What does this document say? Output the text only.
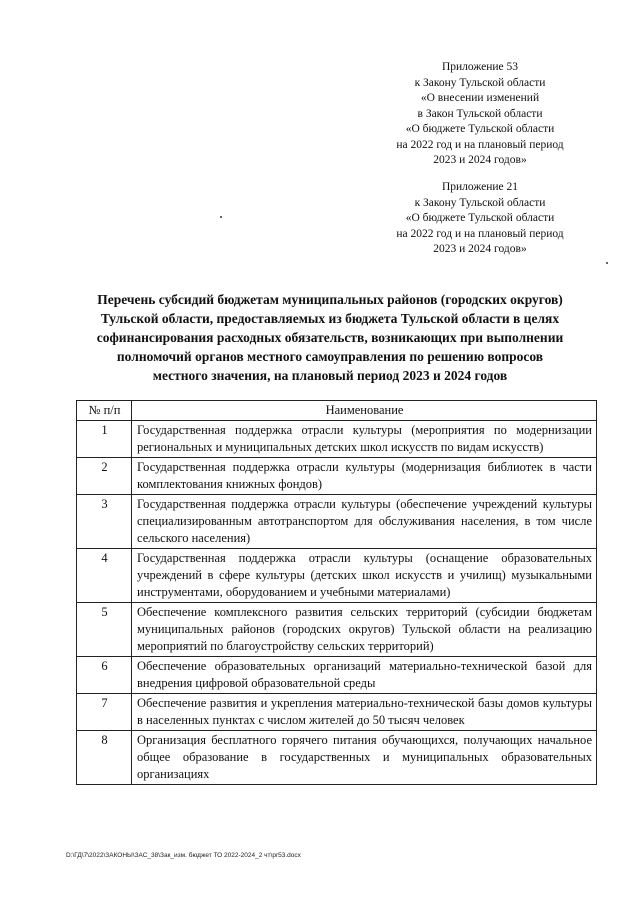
Приложение 53
к Закону Тульской области
«О внесении изменений
в Закон Тульской области
«О бюджете Тульской области
на 2022 год и на плановый период
2023 и 2024 годов»
Приложение 21
к Закону Тульской области
«О бюджете Тульской области
на 2022 год и на плановый период
2023 и 2024 годов»
Перечень субсидий бюджетам муниципальных районов (городских округов)
Тульской области, предоставляемых из бюджета Тульской области в целях
софинансирования расходных обязательств, возникающих при выполнении
полномочий органов местного самоуправления по решению вопросов
местного значения, на плановый период 2023 и 2024 годов
№ п/п	Наименование
1	Государственная поддержка отрасли культуры (мероприятия по модернизации региональных и муниципальных детских школ искусств по видам искусств)
2	Государственная поддержка отрасли культуры (модернизация библиотек в части комплектования книжных фондов)
3	Государственная поддержка отрасли культуры (обеспечение учреждений культуры специализированным автотранспортом для обслуживания населения, в том числе сельского населения)
4	Государственная поддержка отрасли культуры (оснащение образовательных учреждений в сфере культуры (детских школ искусств и училищ) музыкальными инструментами, оборудованием и учебными материалами)
5	Обеспечение комплексного развития сельских территорий (субсидии бюджетам муниципальных районов (городских округов) Тульской области на реализацию мероприятий по благоустройству сельских территорий)
6	Обеспечение образовательных организаций материально-технической базой для внедрения цифровой образовательной среды
7	Обеспечение развития и укрепления материально-технической базы домов культуры в населенных пунктах с числом жителей до 50 тысяч человек
8	Организация бесплатного горячего питания обучающихся, получающих начальное общее образование в государственных и муниципальных образовательных организациях
D:\ГД\7\2022\ЗАКОНЫ\ЗАС_38\Зак_изм. бюджет ТО 2022-2024_2 чт\pr53.docx
